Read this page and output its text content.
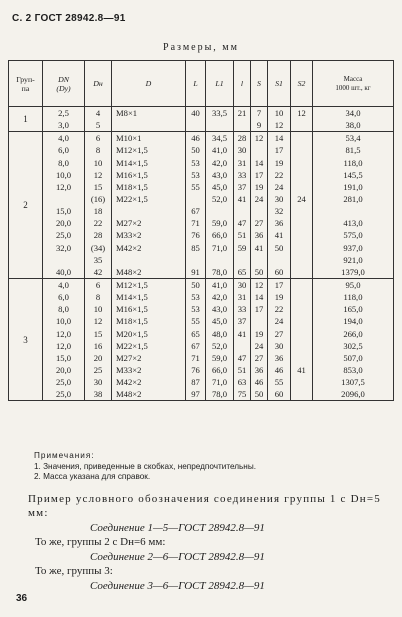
С. 2 ГОСТ 28942.8—91
Размеры, мм
Груп-
па	DN
(Dу)	Dн	D	L	L1	l	S	S1	S2	Масса
1000 шт., кг
1	2,5	4	М8×1	40	33,5	21	7	10	12	34,0
	3,0	5					9	12		38,0
2	4,0	6	М10×1	46	34,5	28	12	14		53,4
	6,0	8	М12×1,5	50	41,0	30		17		81,5
	8,0	10	М14×1,5	53	42,0	31	14	19		118,0
	10,0	12	М16×1,5	53	43,0	33	17	22		145,5
	12,0	15	М18×1,5	55	45,0	37	19	24		191,0
		(16)	М22×1,5		52,0	41	24	30	24	281,0
	15,0	18		67				32		
	20,0	22	М27×2	71	59,0	47	27	36		413,0
	25,0	28	М33×2	76	66,0	51	36	41		575,0
	32,0	(34)	М42×2	85	71,0	59	41	50		937,0
		35								921,0
	40,0	42	М48×2	91	78,0	65	50	60		1379,0
3	4,0	6	М12×1,5	50	41,0	30	12	17		95,0
	6,0	8	М14×1,5	53	42,0	31	14	19		118,0
	8,0	10	М16×1,5	53	43,0	33	17	22		165,0
	10,0	12	М18×1,5	55	45,0	37		24		194,0
	12,0	15	М20×1,5	65	48,0	41	19	27		266,0
	12,0	16	М22×1,5	67	52,0		24	30		302,5
	15,0	20	М27×2	71	59,0	47	27	36		507,0
	20,0	25	М33×2	76	66,0	51	36	46	41	853,0
	25,0	30	М42×2	87	71,0	63	46	55		1307,5
	25,0	38	М48×2	97	78,0	75	50	60		2096,0
Примечания:
1. Значения, приведенные в скобках, непредпочтительны.
2. Масса указана для справок.
Пример условного обозначения соединения группы 1 с Dн=5 мм:
Соединение 1—5—ГОСТ 28942.8—91
То же, группы 2 с Dн=6 мм:
Соединение 2—6—ГОСТ 28942.8—91
То же, группы 3:
Соединение 3—6—ГОСТ 28942.8—91
36
